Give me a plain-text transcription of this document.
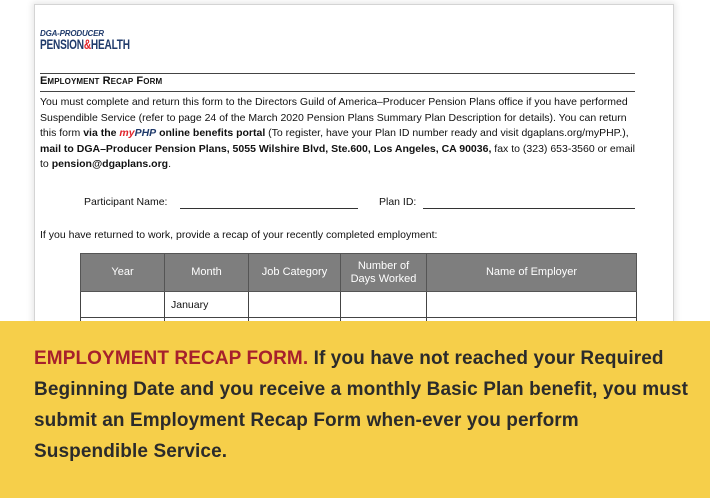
DGA-PRODUCER
PENSION&HEALTH
Employment Recap Form
You must complete and return this form to the Directors Guild of America–Producer Pension Plans office if you have performed Suspendible Service (refer to page 24 of the March 2020 Pension Plans Summary Plan Description for details). You can return this form via the myPHP online benefits portal (To register, have your Plan ID number ready and visit dgaplans.org/myPHP.), mail to DGA–Producer Pension Plans, 5055 Wilshire Blvd, Ste.600, Los Angeles, CA 90036, fax to (323) 653-3560 or email to pension@dgaplans.org.
Participant Name:	Plan ID:
If you have returned to work, provide a recap of your recently completed employment:
Year	Month	Job Category	Number of Days Worked	Name of Employer
	January			

EMPLOYMENT RECAP FORM. If you have not reached your Required Beginning Date and you receive a monthly Basic Plan benefit, you must submit an Employment Recap Form when-ever you perform Suspendible Service.
